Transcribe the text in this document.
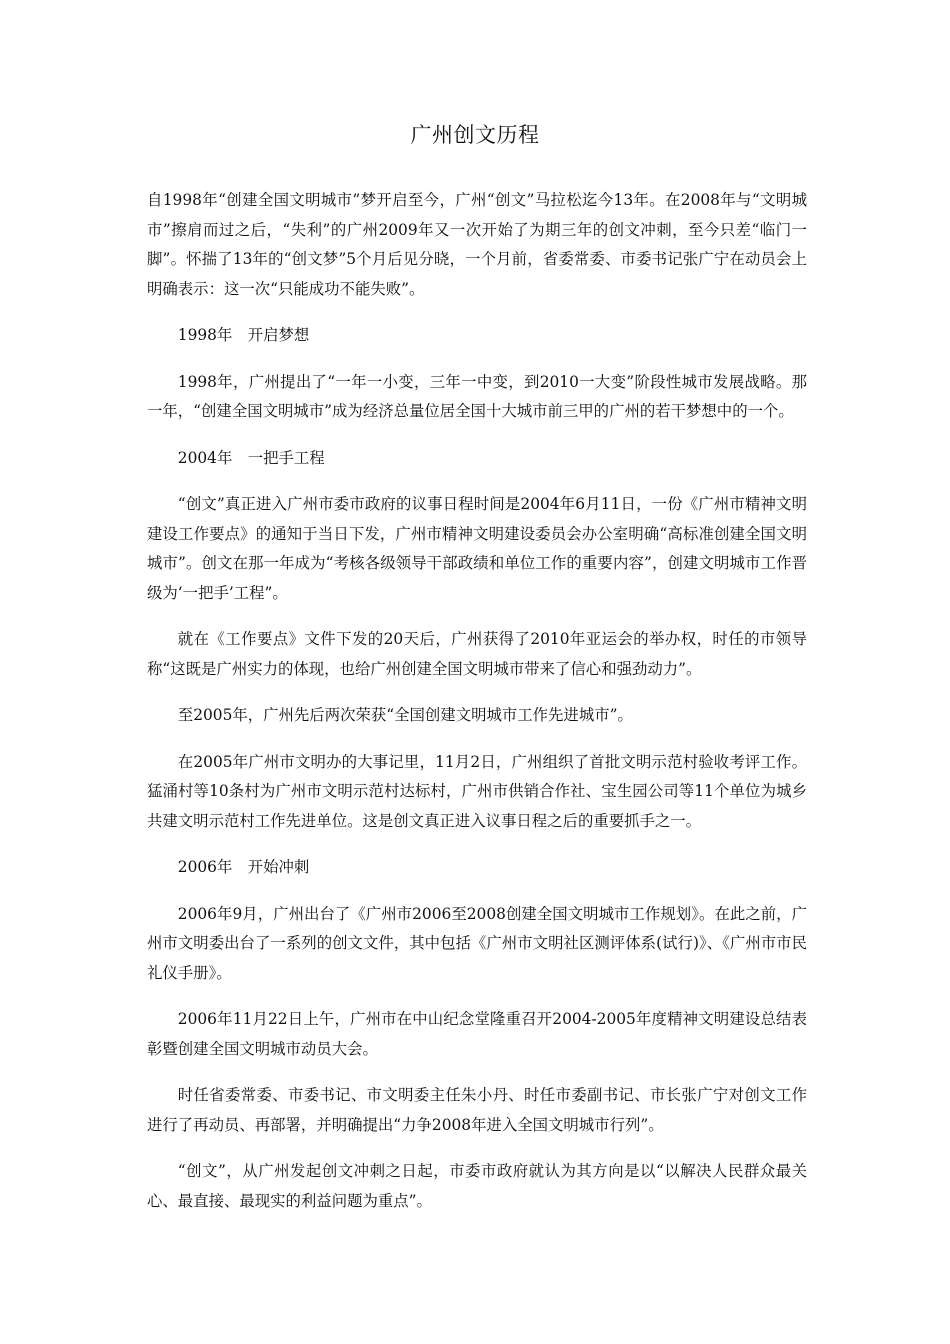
广州创文历程

自1998年“创建全国文明城市”梦开启至今，广州“创文”马拉松迄今13年。在2008年与“文明城市”擦肩而过之后，“失利”的广州2009年又一次开始了为期三年的创文冲刺，至今只差“临门一脚”。怀揣了13年的“创文梦”5个月后见分晓，一个月前，省委常委、市委书记张广宁在动员会上明确表示：这一次“只能成功不能失败”。

1998年　开启梦想

1998年，广州提出了“一年一小变，三年一中变，到2010一大变”阶段性城市发展战略。那一年，“创建全国文明城市”成为经济总量位居全国十大城市前三甲的广州的若干梦想中的一个。

2004年　一把手工程

“创文”真正进入广州市委市政府的议事日程时间是2004年6月11日，一份《广州市精神文明建设工作要点》的通知于当日下发，广州市精神文明建设委员会办公室明确“高标准创建全国文明城市”。创文在那一年成为“考核各级领导干部政绩和单位工作的重要内容”，创建文明城市工作晋级为‘一把手’工程”。

就在《工作要点》文件下发的20天后，广州获得了2010年亚运会的举办权，时任的市领导称“这既是广州实力的体现，也给广州创建全国文明城市带来了信心和强劲动力”。

至2005年，广州先后两次荣获“全国创建文明城市工作先进城市”。

在2005年广州市文明办的大事记里，11月2日，广州组织了首批文明示范村验收考评工作。猛涌村等10条村为广州市文明示范村达标村，广州市供销合作社、宝生园公司等11个单位为城乡共建文明示范村工作先进单位。这是创文真正进入议事日程之后的重要抓手之一。

2006年　开始冲刺

2006年9月，广州出台了《广州市2006至2008创建全国文明城市工作规划》。在此之前，广州市文明委出台了一系列的创文文件，其中包括《广州市文明社区测评体系(试行)》、《广州市市民礼仪手册》。

2006年11月22日上午，广州市在中山纪念堂隆重召开2004-2005年度精神文明建设总结表彰暨创建全国文明城市动员大会。

时任省委常委、市委书记、市文明委主任朱小丹、时任市委副书记、市长张广宁对创文工作进行了再动员、再部署，并明确提出“力争2008年进入全国文明城市行列”。

“创文”，从广州发起创文冲刺之日起，市委市政府就认为其方向是以“以解决人民群众最关心、最直接、最现实的利益问题为重点”。
